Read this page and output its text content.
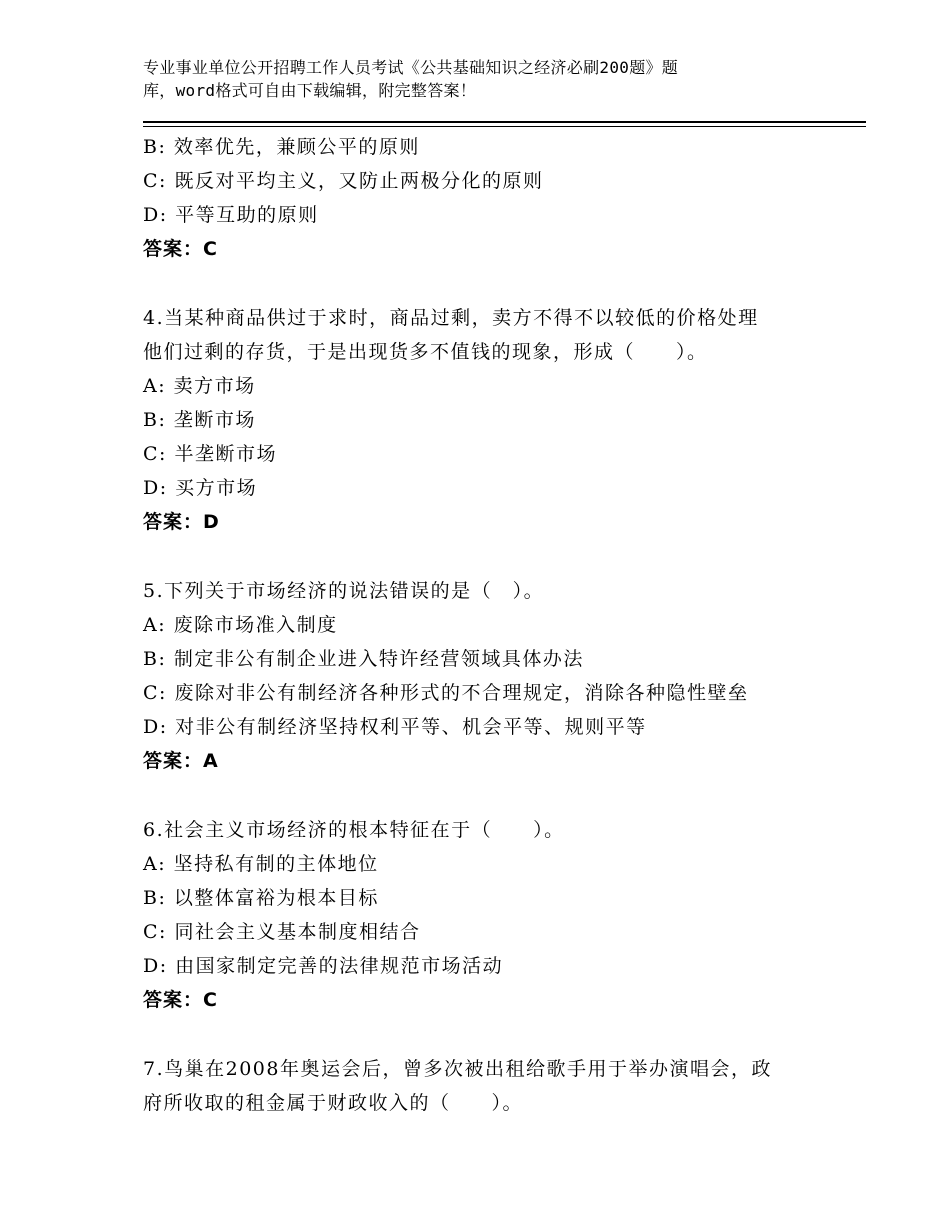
专业事业单位公开招聘工作人员考试《公共基础知识之经济必刷200题》题
库，word格式可自由下载编辑，附完整答案！
B: 效率优先，兼顾公平的原则
C: 既反对平均主义，又防止两极分化的原则
D: 平等互助的原则
答案：C
4.当某种商品供过于求时，商品过剩，卖方不得不以较低的价格处理
他们过剩的存货，于是出现货多不值钱的现象，形成（　　）。
A: 卖方市场
B: 垄断市场
C: 半垄断市场
D: 买方市场
答案：D
5.下列关于市场经济的说法错误的是（　）。
A: 废除市场准入制度
B: 制定非公有制企业进入特许经营领域具体办法
C: 废除对非公有制经济各种形式的不合理规定，消除各种隐性壁垒
D: 对非公有制经济坚持权利平等、机会平等、规则平等
答案：A
6.社会主义市场经济的根本特征在于（　　）。
A: 坚持私有制的主体地位
B: 以整体富裕为根本目标
C: 同社会主义基本制度相结合
D: 由国家制定完善的法律规范市场活动
答案：C
7.鸟巢在2008年奥运会后，曾多次被出租给歌手用于举办演唱会，政
府所收取的租金属于财政收入的（　　）。
